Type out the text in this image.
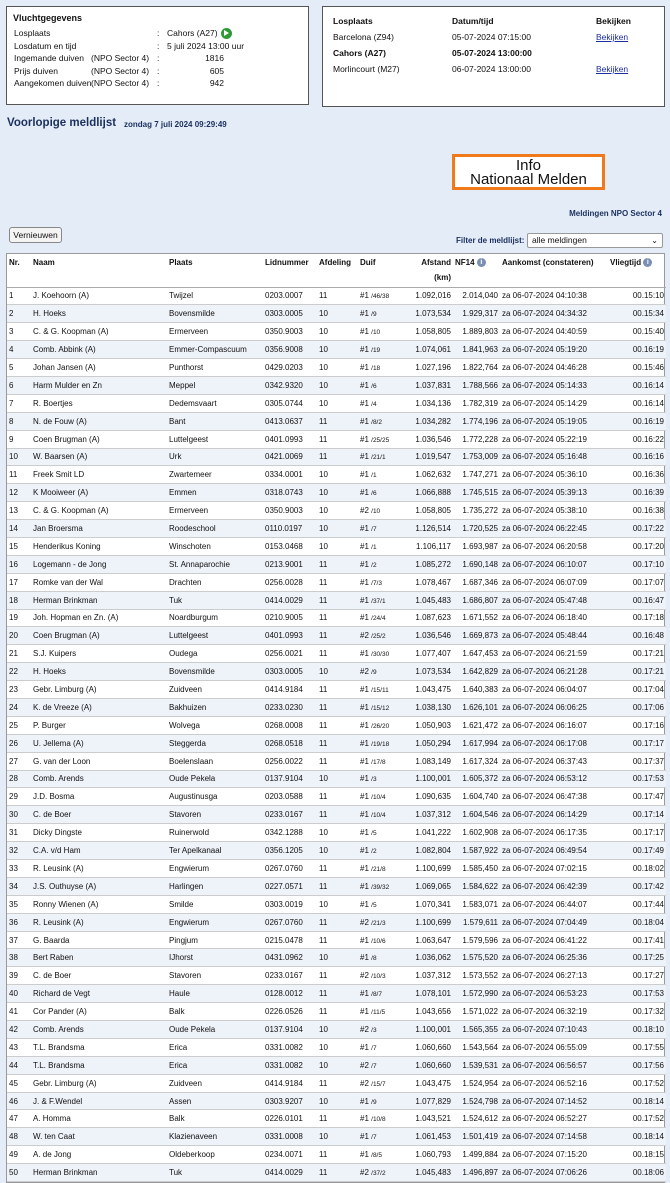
Vluchtgegevens
Losplaats	: Cahors (A27)
Losdatum en tijd	: 5 juli 2024 13:00 uur
Ingemande duiven (NPO Sector 4) :	1816
Prijs duiven	(NPO Sector 4) :	605
Aangekomen duiven (NPO Sector 4) :	942
Losplaats	Datum/tijd	Bekijken
Barcelona (Z94)	05-07-2024 07:15:00	Bekijken
Cahors (A27)	05-07-2024 13:00:00
Morlincourt (M27)	06-07-2024 13:00:00	Bekijken
Voorlopige meldlijst zondag 7 juli 2024 09:29:49
Info
Nationaal Melden
Meldingen NPO Sector 4
Vernieuwen
Filter de meldlijst: alle meldingen	⌄
Nr.	Naam	Plaats	Lidnummer	Afdeling	Duif	Afstand
(km)	NF14 i	Aankomst (constateren)	Vliegtijd i
1	J. Koehoorn (A)	Twijzel	0203.0007	11	#1 /46/38	1.092,016	2.014,040	za 06-07-2024 04:10:38	00.15:10
2	H. Hoeks	Bovensmilde	0303.0005	10	#1 /9	1.073,534	1.929,317	za 06-07-2024 04:34:32	00.15:34
3	C. & G. Koopman (A)	Ermerveen	0350.9003	10	#1 /10	1.058,805	1.889,803	za 06-07-2024 04:40:59	00.15:40
4	Comb. Abbink (A)	Emmer-Compascuum	0356.9008	10	#1 /19	1.074,061	1.841,963	za 06-07-2024 05:19:20	00.16:19
5	Johan Jansen (A)	Punthorst	0429.0203	10	#1 /18	1.027,196	1.822,764	za 06-07-2024 04:46:28	00.15:46
6	Harm Mulder en Zn	Meppel	0342.9320	10	#1 /6	1.037,831	1.788,566	za 06-07-2024 05:14:33	00.16:14
7	R. Boertjes	Dedemsvaart	0305.0744	10	#1 /4	1.034,136	1.782,319	za 06-07-2024 05:14:29	00.16:14
8	N. de Fouw (A)	Bant	0413.0637	11	#1 /8/2	1.034,282	1.774,196	za 06-07-2024 05:19:05	00.16:19
9	Coen Brugman (A)	Luttelgeest	0401.0993	11	#1 /25/25	1.036,546	1.772,228	za 06-07-2024 05:22:19	00.16:22
10	W. Baarsen (A)	Urk	0421.0069	11	#1 /21/1	1.019,547	1.753,009	za 06-07-2024 05:16:48	00.16:16
11	Freek Smit LD	Zwartemeer	0334.0001	10	#1 /1	1.062,632	1.747,271	za 06-07-2024 05:36:10	00.16:36
12	K Mooiweer (A)	Emmen	0318.0743	10	#1 /6	1.066,888	1.745,515	za 06-07-2024 05:39:13	00.16:39
13	C. & G. Koopman (A)	Ermerveen	0350.9003	10	#2 /10	1.058,805	1.735,272	za 06-07-2024 05:38:10	00.16:38
14	Jan Broersma	Roodeschool	0110.0197	10	#1 /7	1.126,514	1.720,525	za 06-07-2024 06:22:45	00.17:22
15	Henderikus Koning	Winschoten	0153.0468	10	#1 /1	1.106,117	1.693,987	za 06-07-2024 06:20:58	00.17:20
16	Logemann - de Jong	St. Annaparochie	0213.9001	11	#1 /2	1.085,272	1.690,148	za 06-07-2024 06:10:07	00.17:10
17	Romke van der Wal	Drachten	0256.0028	11	#1 /7/3	1.078,467	1.687,346	za 06-07-2024 06:07:09	00.17:07
18	Herman Brinkman	Tuk	0414.0029	11	#1 /37/1	1.045,483	1.686,807	za 06-07-2024 05:47:48	00.16:47
19	Joh. Hopman en Zn. (A)	Noardburgum	0210.9005	11	#1 /24/4	1.087,623	1.671,552	za 06-07-2024 06:18:40	00.17:18
20	Coen Brugman (A)	Luttelgeest	0401.0993	11	#2 /25/2	1.036,546	1.669,873	za 06-07-2024 05:48:44	00.16:48
21	S.J. Kuipers	Oudega	0256.0021	11	#1 /30/30	1.077,407	1.647,453	za 06-07-2024 06:21:59	00.17:21
22	H. Hoeks	Bovensmilde	0303.0005	10	#2 /9	1.073,534	1.642,829	za 06-07-2024 06:21:28	00.17:21
23	Gebr. Limburg (A)	Zuidveen	0414.9184	11	#1 /15/11	1.043,475	1.640,383	za 06-07-2024 06:04:07	00.17:04
24	K. de Vreeze (A)	Bakhuizen	0233.0230	11	#1 /15/12	1.038,130	1.626,101	za 06-07-2024 06:06:25	00.17:06
25	P. Burger	Wolvega	0268.0008	11	#1 /26/20	1.050,903	1.621,472	za 06-07-2024 06:16:07	00.17:16
26	U. Jellema (A)	Steggerda	0268.0518	11	#1 /19/18	1.050,294	1.617,994	za 06-07-2024 06:17:08	00.17:17
27	G. van der Loon	Boelenslaan	0256.0022	11	#1 /17/8	1.083,149	1.617,324	za 06-07-2024 06:37:43	00.17:37
28	Comb. Arends	Oude Pekela	0137.9104	10	#1 /3	1.100,001	1.605,372	za 06-07-2024 06:53:12	00.17:53
29	J.D. Bosma	Augustinusga	0203.0588	11	#1 /10/4	1.090,635	1.604,740	za 06-07-2024 06:47:38	00.17:47
30	C. de Boer	Stavoren	0233.0167	11	#1 /10/4	1.037,312	1.604,546	za 06-07-2024 06:14:29	00.17:14
31	Dicky Dingste	Ruinerwold	0342.1288	10	#1 /5	1.041,222	1.602,908	za 06-07-2024 06:17:35	00.17:17
32	C.A. v/d Ham	Ter Apelkanaal	0356.1205	10	#1 /2	1.082,804	1.587,922	za 06-07-2024 06:49:54	00.17:49
33	R. Leusink (A)	Engwierum	0267.0760	11	#1 /21/8	1.100,699	1.585,450	za 06-07-2024 07:02:15	00.18:02
34	J.S. Outhuyse (A)	Harlingen	0227.0571	11	#1 /39/32	1.069,065	1.584,622	za 06-07-2024 06:42:39	00.17:42
35	Ronny Wienen (A)	Smilde	0303.0019	10	#1 /5	1.070,341	1.583,071	za 06-07-2024 06:44:07	00.17:44
36	R. Leusink (A)	Engwierum	0267.0760	11	#2 /21/3	1.100,699	1.579,611	za 06-07-2024 07:04:49	00.18:04
37	G. Baarda	Pingjum	0215.0478	11	#1 /10/6	1.063,647	1.579,596	za 06-07-2024 06:41:22	00.17:41
38	Bert Raben	IJhorst	0431.0962	10	#1 /8	1.036,062	1.575,520	za 06-07-2024 06:25:36	00.17:25
39	C. de Boer	Stavoren	0233.0167	11	#2 /10/3	1.037,312	1.573,552	za 06-07-2024 06:27:13	00.17:27
40	Richard de Vegt	Haule	0128.0012	11	#1 /8/7	1.078,101	1.572,990	za 06-07-2024 06:53:23	00.17:53
41	Cor Pander (A)	Balk	0226.0526	11	#1 /11/5	1.043,656	1.571,022	za 06-07-2024 06:32:19	00.17:32
42	Comb. Arends	Oude Pekela	0137.9104	10	#2 /3	1.100,001	1.565,355	za 06-07-2024 07:10:43	00.18:10
43	T.L. Brandsma	Erica	0331.0082	10	#1 /7	1.060,660	1.543,564	za 06-07-2024 06:55:09	00.17:55
44	T.L. Brandsma	Erica	0331.0082	10	#2 /7	1.060,660	1.539,531	za 06-07-2024 06:56:57	00.17:56
45	Gebr. Limburg (A)	Zuidveen	0414.9184	11	#2 /15/7	1.043,475	1.524,954	za 06-07-2024 06:52:16	00.17:52
46	J. & F.Wendel	Assen	0303.9207	10	#1 /9	1.077,829	1.524,798	za 06-07-2024 07:14:52	00.18:14
47	A. Homma	Balk	0226.0101	11	#1 /10/8	1.043,521	1.524,612	za 06-07-2024 06:52:27	00.17:52
48	W. ten Caat	Klazienaveen	0331.0008	10	#1 /7	1.061,453	1.501,419	za 06-07-2024 07:14:58	00.18:14
49	A. de Jong	Oldeberkoop	0234.0071	11	#1 /8/5	1.060,793	1.499,884	za 06-07-2024 07:15:20	00.18:15
50	Herman Brinkman	Tuk	0414.0029	11	#2 /37/2	1.045,483	1.496,897	za 06-07-2024 07:06:26	00.18:06
